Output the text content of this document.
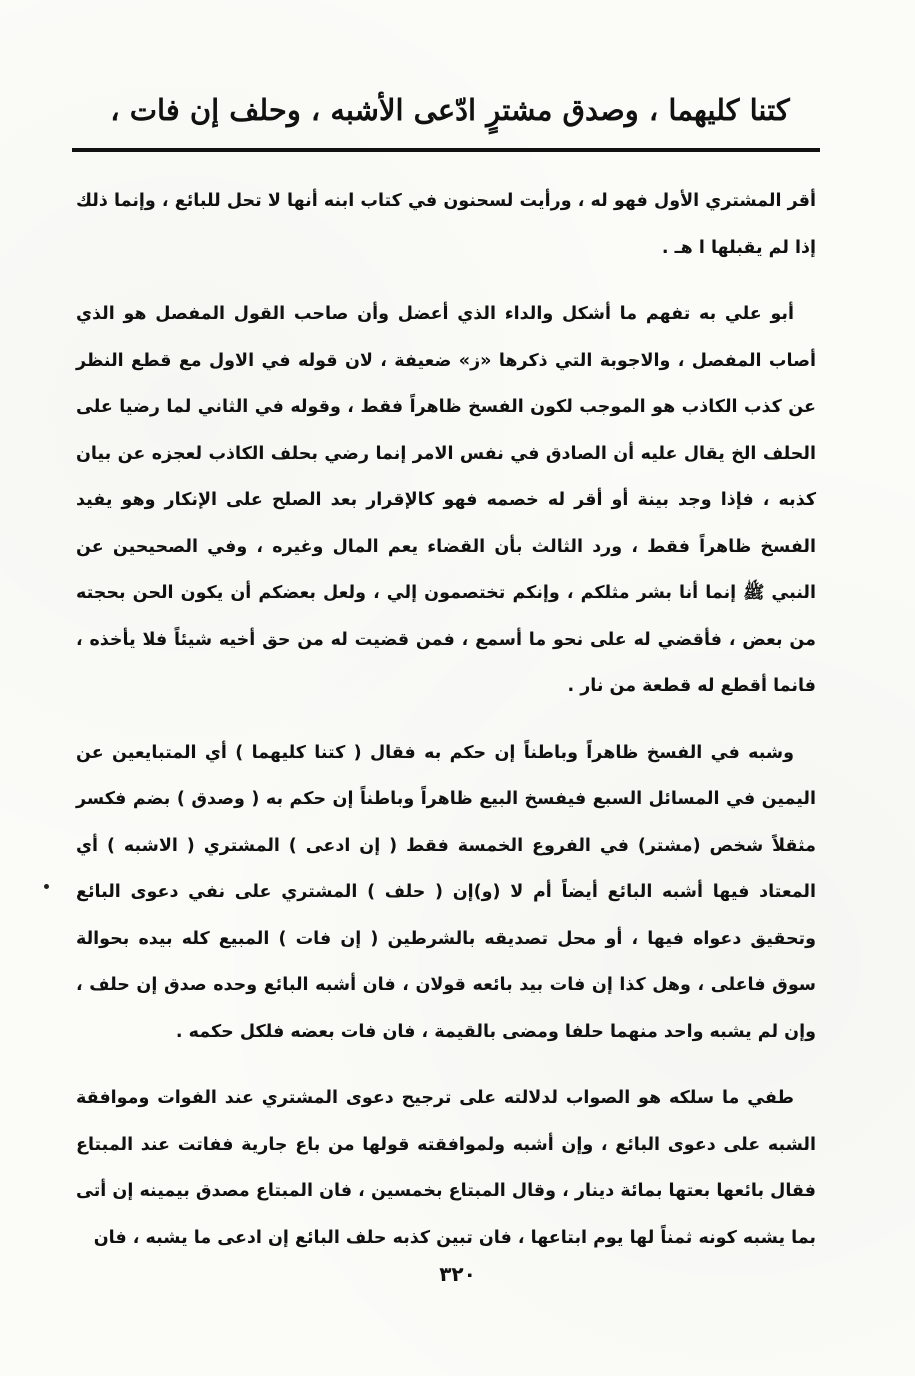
كتنا كليهما ، وصدق مشترٍ ادّعى الأشبه ، وحلف إن فات ،

أقر المشتري الأول فهو له ، ورأيت لسحنون في كتاب ابنه أنها لا تحل للبائع ، وإنما ذلك إذا لم يقبلها ا هـ .

أبو علي به تفهم ما أشكل والداء الذي أعضل وأن صاحب القول المفصل هو الذي أصاب المفصل ، والاجوبة التي ذكرها «ز» ضعيفة ، لان قوله في الاول مع قطع النظر عن كذب الكاذب هو الموجب لكون الفسخ ظاهراً فقط ، وقوله في الثاني لما رضيا على الحلف الخ يقال عليه أن الصادق في نفس الامر إنما رضي بحلف الكاذب لعجزه عن بيان كذبه ، فإذا وجد بينة أو أقر له خصمه فهو كالإقرار بعد الصلح على الإنكار وهو يفيد الفسخ ظاهراً فقط ، ورد الثالث بأن القضاء يعم المال وغيره ، وفي الصحيحين عن النبي ﷺ إنما أنا بشر مثلكم ، وإنكم تختصمون إلي ، ولعل بعضكم أن يكون الحن بحجته من بعض ، فأقضي له على نحو ما أسمع ، فمن قضيت له من حق أخيه شيئاً فلا يأخذه ، فانما أقطع له قطعة من نار .

وشبه في الفسخ ظاهراً وباطناً إن حكم به فقال ( كتنا كليهما ) أي المتبايعين عن اليمين في المسائل السبع فيفسخ البيع ظاهراً وباطناً إن حكم به ( وصدق ) بضم فكسر مثقلاً شخص (مشتر) في الفروع الخمسة فقط ( إن ادعى ) المشتري ( الاشبه ) أي المعتاد فيها أشبه البائع أيضاً أم لا (و)إن ( حلف ) المشتري على نفي دعوى البائع وتحقيق دعواه فيها ، أو محل تصديقه بالشرطين ( إن فات ) المبيع كله بيده بحوالة سوق فاعلى ، وهل كذا إن فات بيد بائعه قولان ، فان أشبه البائع وحده صدق إن حلف ، وإن لم يشبه واحد منهما حلفا ومضى بالقيمة ، فان فات بعضه فلكل حكمه .

طفي ما سلكه هو الصواب لدلالته على ترجيح دعوى المشتري عند الفوات وموافقة الشبه على دعوى البائع ، وإن أشبه ولموافقته قولها من باع جارية ففاتت عند المبتاع فقال بائعها بعتها بمائة دينار ، وقال المبتاع بخمسين ، فان المبتاع مصدق بيمينه إن أتى بما يشبه كونه ثمناً لها يوم ابتاعها ، فان تبين كذبه حلف البائع إن ادعى ما يشبه ، فان

٣٢٠
